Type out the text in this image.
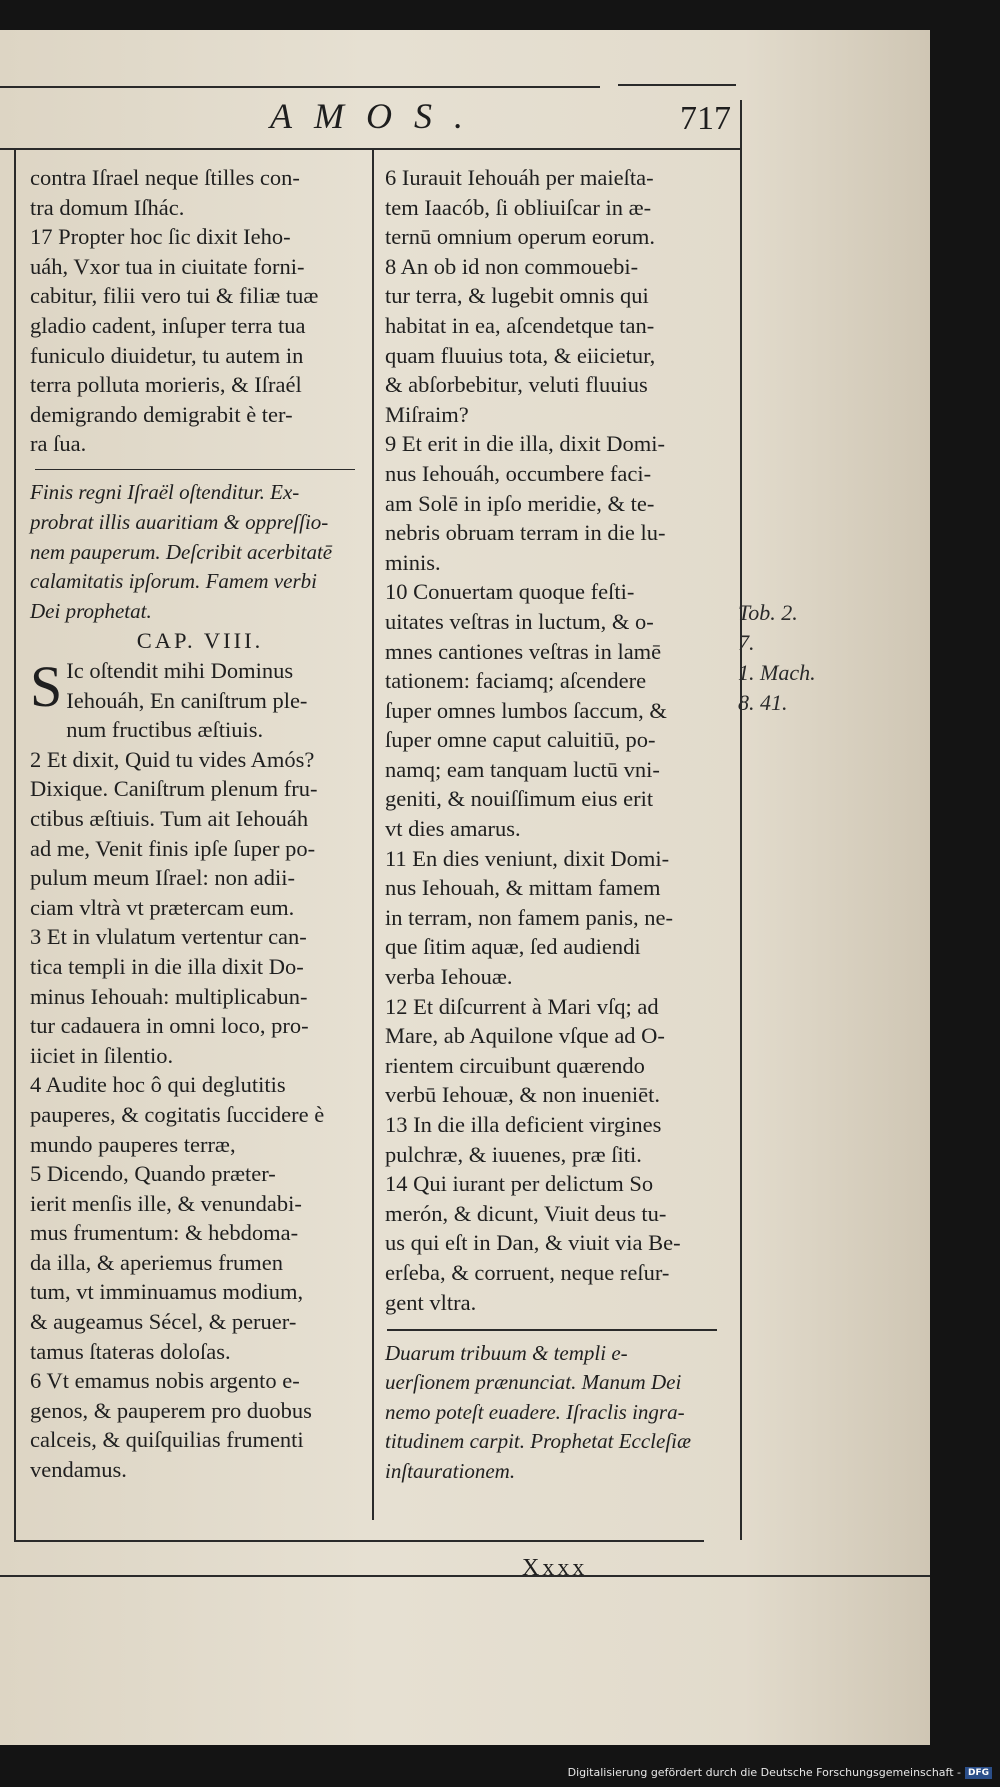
AMOS.	717
contra Iſrael neque ſtilles con-
tra domum Iſhác.
17 Propter hoc ſic dixit Ieho-
uáh, Vxor tua in ciuitate forni-
cabitur, filii vero tui & filiæ tuæ
gladio cadent, inſuper terra tua
funiculo diuidetur, tu autem in
terra polluta morieris, & Iſraél
demigrando demigrabit è ter-
ra ſua.
Finis regni Iſraël oſtenditur. Ex-
probrat illis auaritiam & oppreſſio-
nem pauperum. Deſcribit acerbitatē
calamitatis ipſorum. Famem verbi
Dei prophetat.
CAP. VIII.
S Ic oſtendit mihi Dominus
Iehouáh, En caniſtrum ple-
num fructibus æſtiuis.
2 Et dixit, Quid tu vides Amós?
Dixique. Caniſtrum plenum fru-
ctibus æſtiuis. Tum ait Iehouáh
ad me, Venit finis ipſe ſuper po-
pulum meum Iſrael: non adii-
ciam vltrà vt prætercam eum.
3 Et in vlulatum vertentur can-
tica templi in die illa dixit Do-
minus Iehouah: multiplicabun-
tur cadauera in omni loco, pro-
iiciet in ſilentio.
4 Audite hoc ô qui deglutitis
pauperes, & cogitatis ſuccidere è
mundo pauperes terræ,
5 Dicendo, Quando præter-
ierit menſis ille, & venundabi-
mus frumentum: & hebdoma-
da illa, & aperiemus frumen
tum, vt imminuamus modium,
& augeamus Sécel, & peruer-
tamus ſtateras doloſas.
6 Vt emamus nobis argento e-
genos, & pauperem pro duobus
calceis, & quiſquilias frumenti
vendamus.
6 Iurauit Iehouáh per maieſta-
tem Iaacób, ſi obliuiſcar in æ-
ternū omnium operum eorum.
8 An ob id non commouebi-
tur terra, & lugebit omnis qui
habitat in ea, aſcendetque tan-
quam fluuius tota, & eiicietur,
& abſorbebitur, veluti fluuius
Miſraim?
9 Et erit in die illa, dixit Domi-
nus Iehouáh, occumbere faci-
am Solē in ipſo meridie, & te-
nebris obruam terram in die lu-
minis.
10 Conuertam quoque feſti-
uitates veſtras in luctum, & o-
mnes cantiones veſtras in lamē
tationem: faciamq; aſcendere
ſuper omnes lumbos ſaccum, &
ſuper omne caput caluitiū, po-
namq; eam tanquam luctū vni-
geniti, & nouiſſimum eius erit
vt dies amarus.
11 En dies veniunt, dixit Domi-
nus Iehouah, & mittam famem
in terram, non famem panis, ne-
que ſitim aquæ, ſed audiendi
verba Iehouæ.
12 Et diſcurrent à Mari vſq; ad
Mare, ab Aquilone vſque ad O-
rientem circuibunt quærendo
verbū Iehouæ, & non inueniēt.
13 In die illa deficient virgines
pulchræ, & iuuenes, præ ſiti.
14 Qui iurant per delictum So
merón, & dicunt, Viuit deus tu-
us qui eſt in Dan, & viuit via Be-
erſeba, & corruent, neque reſur-
gent vltra.
Duarum tribuum & templi e-
uerſionem prænunciat. Manum Dei
nemo poteſt euadere. Iſraclis ingra-
titudinem carpit. Prophetat Eccleſiæ
inſtaurationem.
Tob. 2.
7.
1. Mach.
8. 41.
Xxxx
Digitalisierung gefördert durch die Deutsche Forschungsgemeinschaft - DFG
